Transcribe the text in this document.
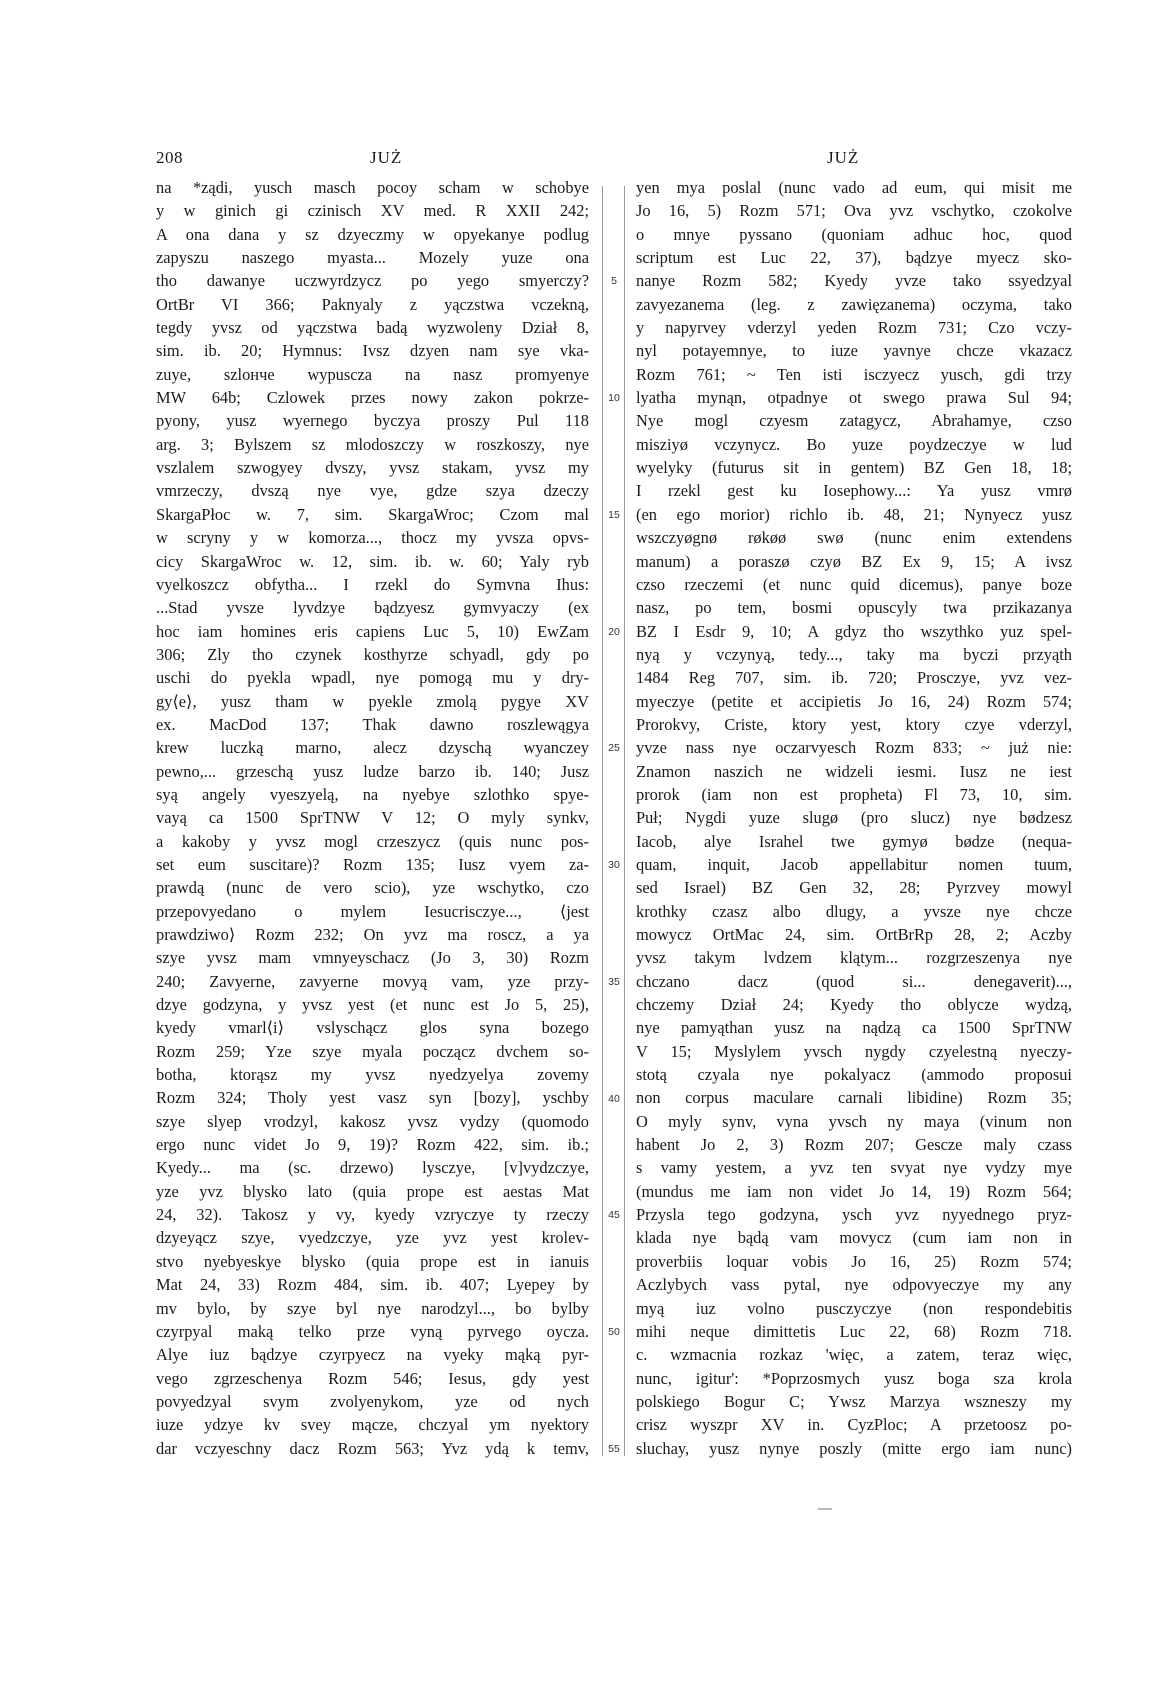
208	JUŻ	JUŻ
na *ządi, yusch masch pocoy scham w schobye
y w ginich gi czinisch XV med. R XXII 242;
A ona dana y sz dzyeczmy w opyekanye podlug
zapyszu naszego myasta... Mozely yuze ona
tho dawanye uczwyrdzycz po yego smyerczy?
OrtBr VI 366; Paknyaly z yączstwa vczekną,
tegdy yvsz od yączstwa badą wyzwoleny Dział 8,
sim. ib. 20; Hymnus: Ivsz dzyen nam sye vka-
zuye, szlончe wypuscza na nasz promyenye
MW 64b; Czlowek przes nowy zakon pokrze-
pyony, yusz wyernego byczya proszy Pul 118
arg. 3; Bylszem sz mlodoszczy w roszkoszy, nye
vszlalem szwogyey dvszy, yvsz stakam, yvsz my
vmrzeczy, dvszą nye vye, gdze szya dzeczy
SkargaPłoc w. 7, sim. SkargaWroc; Czom mal
w scryny y w komorza..., thocz my yvsza opvs-
cicy SkargaWroc w. 12, sim. ib. w. 60; Yaly ryb
vyelkoszcz obfytha... I rzekl do Symvna Ihus:
...Stad yvsze lyvdzye bądzyesz gymvyaczy (ex
hoc iam homines eris capiens Luc 5, 10) EwZam
306; Zly tho czynek kosthyrze schyadl, gdy po
uschi do pyekla wpadl, nye pomogą mu y dry-
gy⟨e⟩, yusz tham w pyekle zmolą pygye XV
ex. MacDod 137; Thak dawno roszlewągya
krew luczką marno, alecz dzyschą wyanczey
pewno,... grzeschą yusz ludze barzo ib. 140; Jusz
syą angely vyeszyelą, na nyebye szlothko spye-
vayą ca 1500 SprTNW V 12; O myly synkv,
a kakoby y yvsz mogl crzeszycz (quis nunc pos-
set eum suscitare)? Rozm 135; Iusz vyem za-
prawdą (nunc de vero scio), yze wschytko, czo
przepovyedano o mylem Iesucrisczye..., ⟨jest
prawdziwo⟩ Rozm 232; On yvz ma roscz, a ya
szye yvsz mam vmnyeyschacz (Jo 3, 30) Rozm
240; Zavyerne, zavyerne movyą vam, yze przy-
dzye godzyna, y yvsz yest (et nunc est Jo 5, 25),
kyedy vmarl⟨i⟩ vslyschącz glos syna bozego
Rozm 259; Yze szye myala począcz dvchem so-
botha, ktorąsz my yvsz nyedzyelya zovemy
Rozm 324; Tholy yest vasz syn [bozy], yschby
szye slyep vrodzyl, kakosz yvsz vydzy (quomodo
ergo nunc videt Jo 9, 19)? Rozm 422, sim. ib.;
Kyedy... ma (sc. drzewo) lysczye, [v]vydzczye,
yze yvz blysko lato (quia prope est aestas Mat
24, 32). Takosz y vy, kyedy vzryczye ty rzeczy
dzyeyącz szye, vyedzczye, yze yvz yest krolev-
stvo nyebyeskye blysko (quia prope est in ianuis
Mat 24, 33) Rozm 484, sim. ib. 407; Lyepey by
mv bylo, by szye byl nye narodzyl..., bo bylby
czyrpyal maką telko prze vyną pyrvego oycza.
Alye iuz bądzye czyrpyecz na vyeky mąką pyr-
vego zgrzeschenya Rozm 546; Iesus, gdy yest
povyedzyal svym zvolyenykom, yze od nych
iuze ydzye kv svey mącze, chczyal ym nyektory
dar vczyeschny dacz Rozm 563; Yvz ydą k temv,
5
10
15
20
25
30
35
40
45
50
55
yen mya poslal (nunc vado ad eum, qui misit me
Jo 16, 5) Rozm 571; Ova yvz vschytko, czokolve
o mnye pyssano (quoniam adhuc hoc, quod
scriptum est Luc 22, 37), bądzye myecz sko-
nanye Rozm 582; Kyedy yvze tako ssyedzyal
zavyezanema (leg. z zawięzanema) oczyma, tako
y napyrvey vderzyl yeden Rozm 731; Czo vczy-
nyl potayemnye, to iuze yavnye chcze vkazacz
Rozm 761; ~ Ten isti isczyecz yusch, gdi trzy
lyatha mynąn, otpadnye ot swego prawa Sul 94;
Nye mogl czyesm zatagycz, Abrahamye, czso
misziyø vczynycz. Bo yuze poydzeczye w lud
wyelyky (futurus sit in gentem) BZ Gen 18, 18;
I rzekl gest ku Iosephowy...: Ya yusz vmrø
(en ego morior) richlo ib. 48, 21; Nynyecz yusz
wszczyøgnø røkøø swø (nunc enim extendens
manum) a poraszø czyø BZ Ex 9, 15; A ivsz
czso rzeczemi (et nunc quid dicemus), panye boze
nasz, po tem, bosmi opuscyly twa przikazanya
BZ I Esdr 9, 10; A gdyz tho wszythko yuz spel-
nyą y vczynyą, tedy..., taky ma byczi przyąth
1484 Reg 707, sim. ib. 720; Prosczye, yvz vez-
myeczye (petite et accipietis Jo 16, 24) Rozm 574;
Prorokvy, Criste, ktory yest, ktory czye vderzyl,
yvze nass nye oczarvyesch Rozm 833; ~ już nie:
Znamon naszich ne widzeli iesmi. Iusz ne iest
prorok (iam non est propheta) Fl 73, 10, sim.
Puł; Nygdi yuze slugø (pro slucz) nye bødzesz
Iacob, alye Israhel twe gymyø bødze (nequa-
quam, inquit, Jacob appellabitur nomen tuum,
sed Israel) BZ Gen 32, 28; Pyrzvey mowyl
krothky czasz albo dlugy, a yvsze nye chcze
mowycz OrtMac 24, sim. OrtBrRp 28, 2; Aczby
yvsz takym lvdzem klątym... rozgrzeszenya nye
chczano dacz (quod si... denegaverit)...,
chczemy Dział 24; Kyedy tho oblycze wydzą,
nye pamyąthan yusz na nądzą ca 1500 SprTNW
V 15; Myslylem yvsch nygdy czyelestną nyeczy-
stotą czyala nye pokalyacz (ammodo proposui
non corpus maculare carnali libidine) Rozm 35;
O myly synv, vyna yvsch ny maya (vinum non
habent Jo 2, 3) Rozm 207; Gescze maly czass
s vamy yestem, a yvz ten svyat nye vydzy mye
(mundus me iam non videt Jo 14, 19) Rozm 564;
Przysla tego godzyna, ysch yvz nyyednego pryz-
klada nye bądą vam movycz (cum iam non in
proverbiis loquar vobis Jo 16, 25) Rozm 574;
Aczlybych vass pytal, nye odpovyeczye my any
myą iuz volno pusczyczye (non respondebitis
mihi neque dimittetis Luc 22, 68) Rozm 718.
c. wzmacnia rozkaz 'więc, a zatem, teraz więc,
nunc, igitur': *Poprzosmych yusz boga sza krola
polskiego Bogur C; Ywsz Marzya wszneszy my
crisz wyszpr XV in. CyzPloc; A przetoosz po-
sluchay, yusz nynye poszly (mitte ergo iam nunc)
